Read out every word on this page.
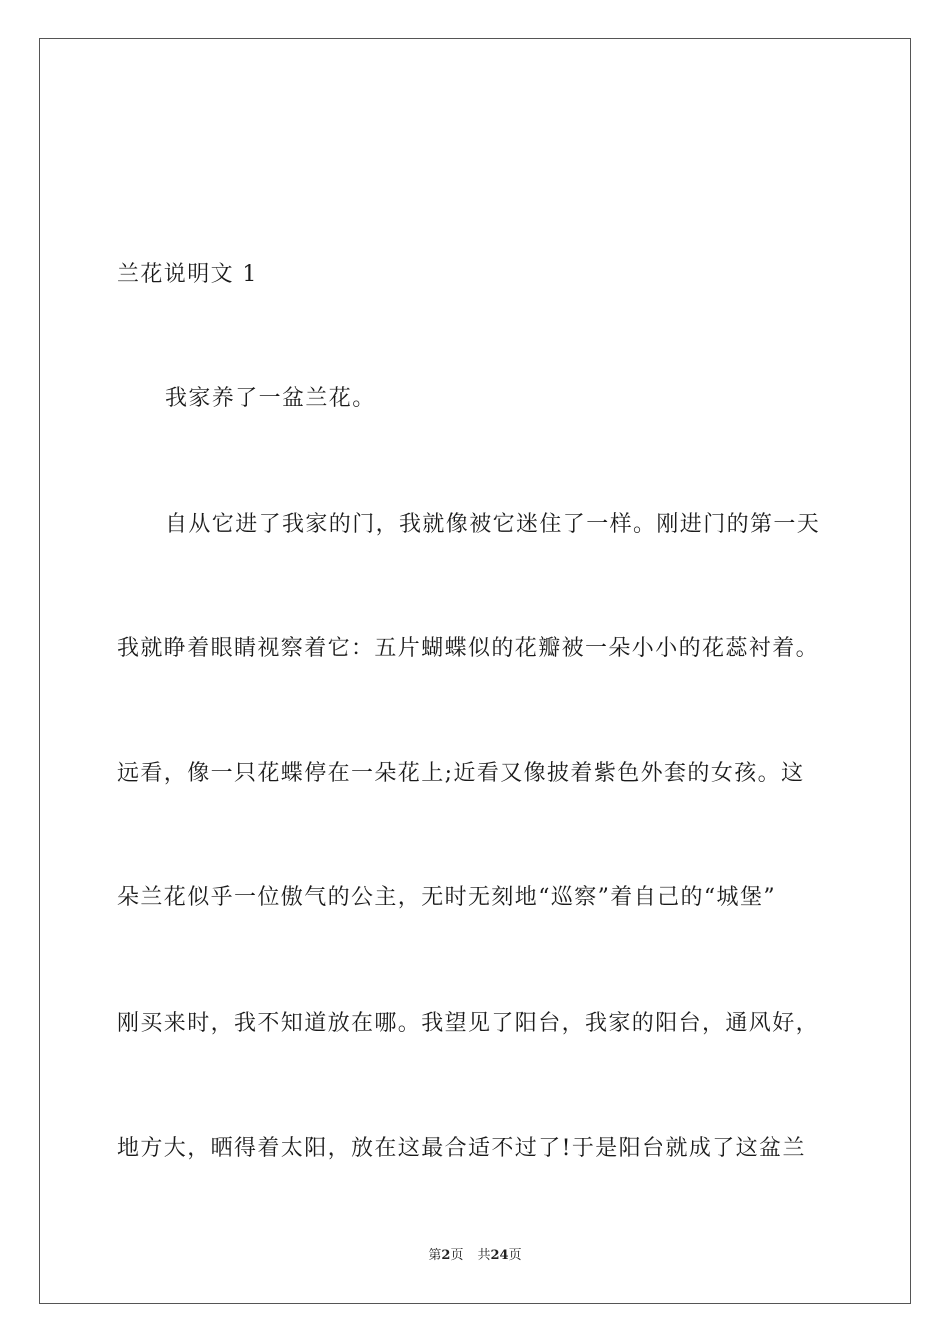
兰花说明文 1
我家养了一盆兰花。
自从它进了我家的门，我就像被它迷住了一样。刚进门的第一天
我就睁着眼睛视察着它：五片蝴蝶似的花瓣被一朵小小的花蕊衬着。
远看，像一只花蝶停在一朵花上;近看又像披着紫色外套的女孩。这
朵兰花似乎一位傲气的公主，无时无刻地“巡察”着自己的“城堡”
刚买来时，我不知道放在哪。我望见了阳台，我家的阳台，通风好，
地方大，晒得着太阳，放在这最合适不过了!于是阳台就成了这盆兰
第2页 共24页
